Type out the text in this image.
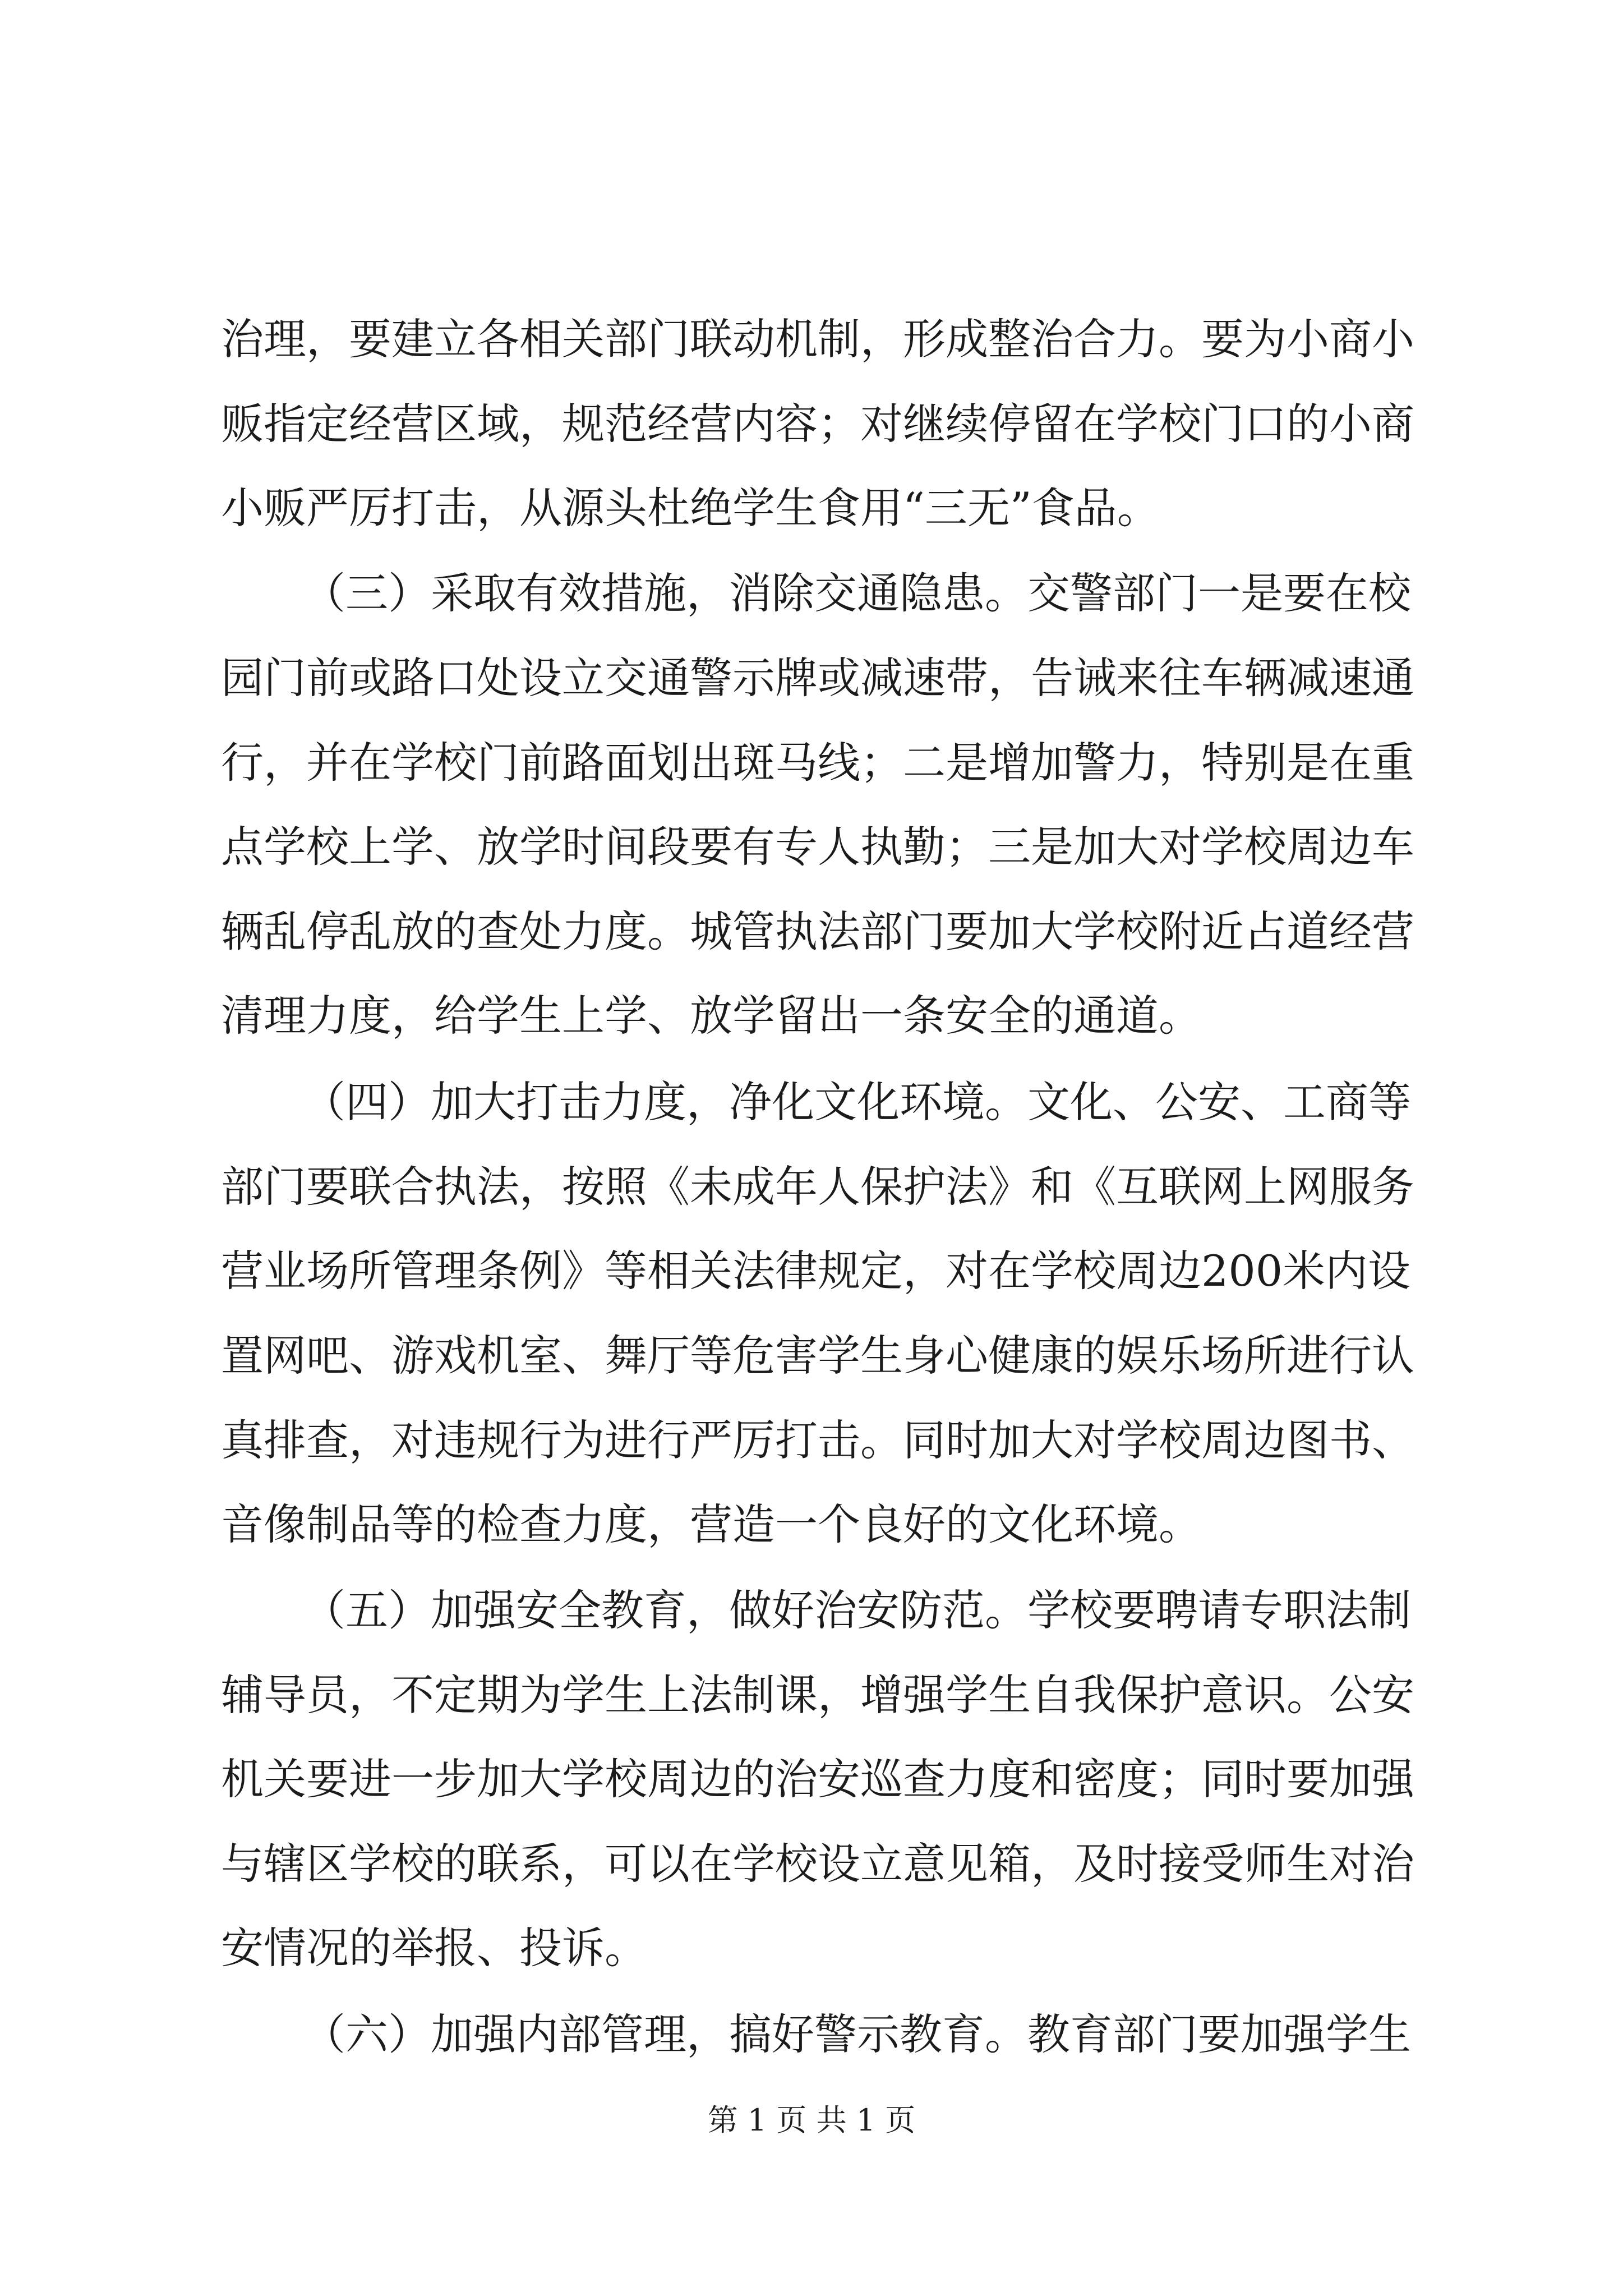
治理，要建立各相关部门联动机制，形成整治合力。要为小商小

贩指定经营区域，规范经营内容；对继续停留在学校门口的小商

小贩严厉打击，从源头杜绝学生食用“三无”食品。

（三）采取有效措施，消除交通隐患。交警部门一是要在校

园门前或路口处设立交通警示牌或减速带，告诫来往车辆减速通

行，并在学校门前路面划出斑马线；二是增加警力，特别是在重

点学校上学、放学时间段要有专人执勤；三是加大对学校周边车

辆乱停乱放的查处力度。城管执法部门要加大学校附近占道经营

清理力度，给学生上学、放学留出一条安全的通道。

（四）加大打击力度，净化文化环境。文化、公安、工商等

部门要联合执法，按照《未成年人保护法》和《互联网上网服务

营业场所管理条例》等相关法律规定，对在学校周边200米内设

置网吧、游戏机室、舞厅等危害学生身心健康的娱乐场所进行认

真排查，对违规行为进行严厉打击。同时加大对学校周边图书、

音像制品等的检查力度，营造一个良好的文化环境。

（五）加强安全教育，做好治安防范。学校要聘请专职法制

辅导员，不定期为学生上法制课，增强学生自我保护意识。公安

机关要进一步加大学校周边的治安巡查力度和密度；同时要加强

与辖区学校的联系，可以在学校设立意见箱，及时接受师生对治

安情况的举报、投诉。

（六）加强内部管理，搞好警示教育。教育部门要加强学生

第 1 页 共 1 页
